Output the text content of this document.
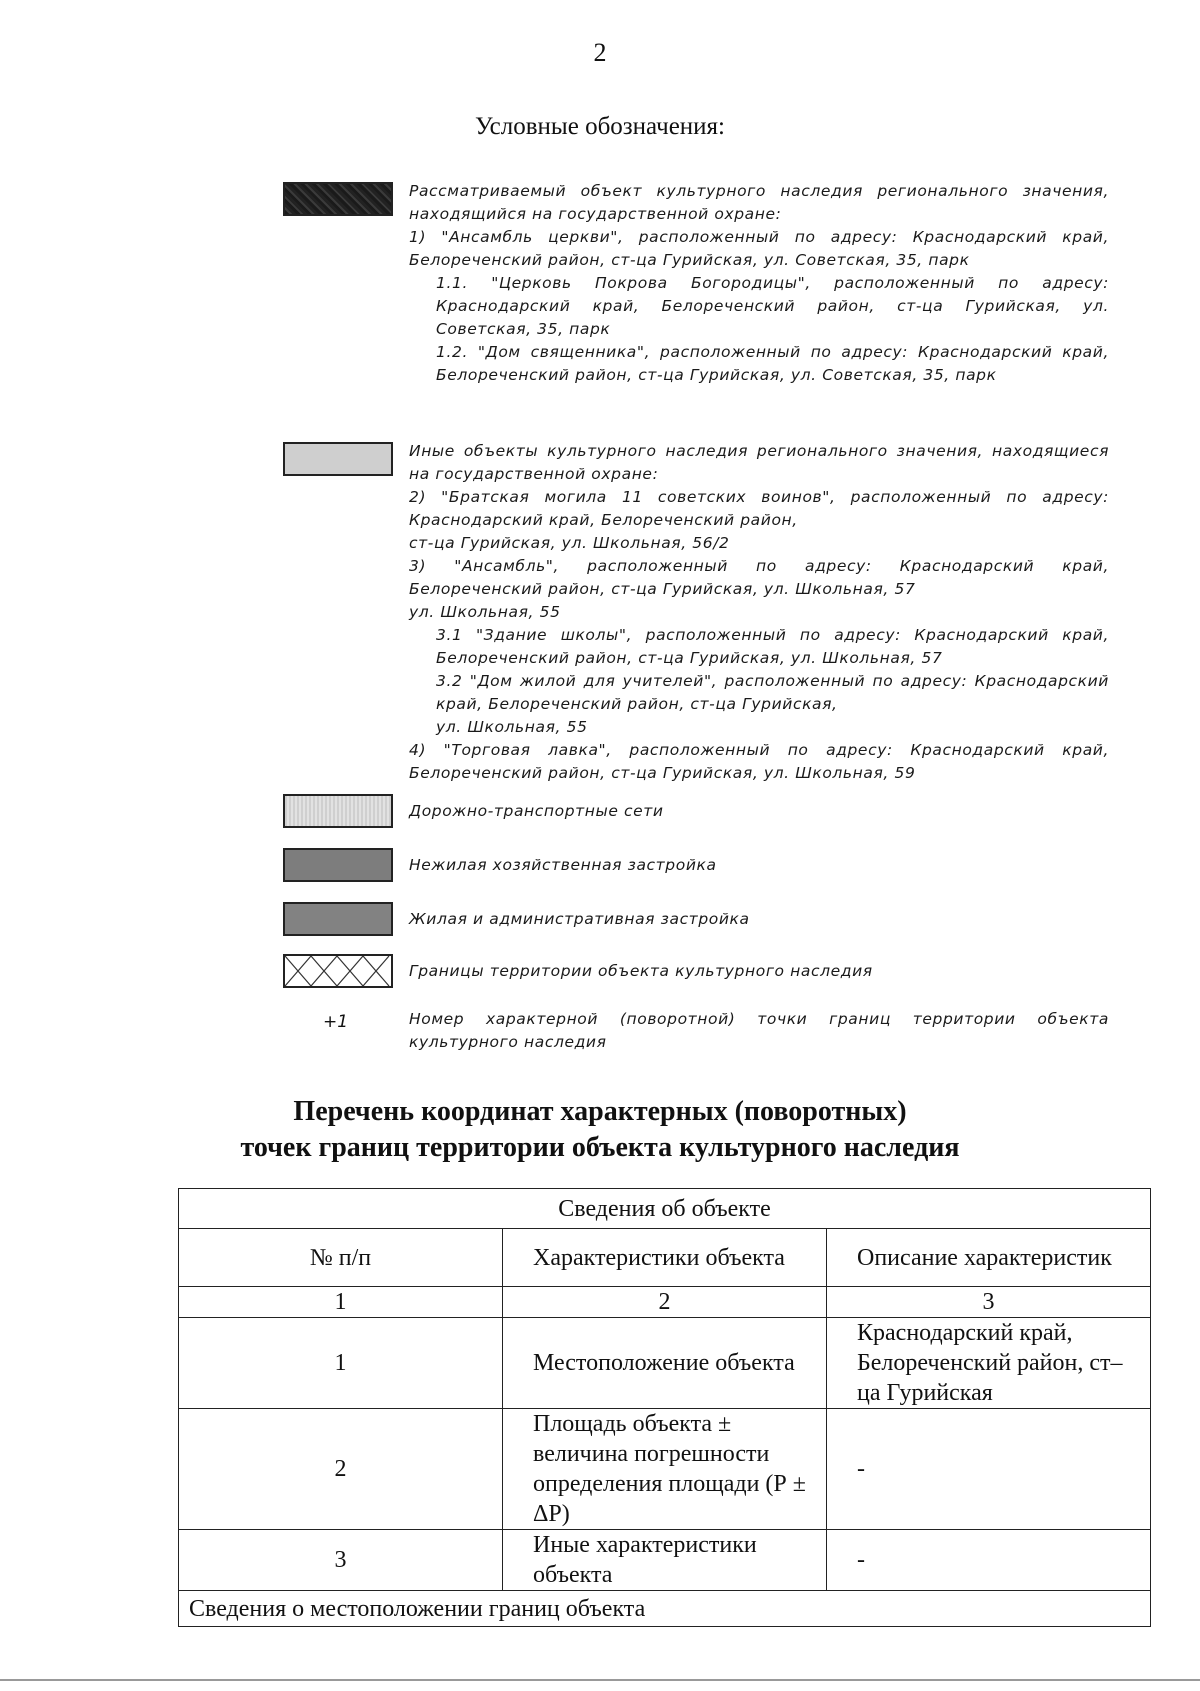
2
Условные обозначения:

Рассматриваемый объект культурного наследия регионального значения, находящийся на государственной охране:

1) "Ансамбль церкви", расположенный по адресу: Краснодарский край, Белореченский район, ст-ца Гурийская, ул. Советская, 35, парк

1.1. "Церковь Покрова Богородицы", расположенный по адресу: Краснодарский край, Белореченский район, ст-ца Гурийская, ул. Советская, 35, парк

1.2. "Дом священника", расположенный по адресу: Краснодарский край, Белореченский район, ст-ца Гурийская, ул. Советская, 35, парк

Иные объекты культурного наследия регионального значения, находящиеся на государственной охране:

2) "Братская могила 11 советских воинов", расположенный по адресу: Краснодарский край, Белореченский район,

ст-ца Гурийская, ул. Школьная, 56/2

3) "Ансамбль", расположенный по адресу: Краснодарский край, Белореченский район, ст-ца Гурийская, ул. Школьная, 57

ул. Школьная, 55

3.1 "Здание школы", расположенный по адресу: Краснодарский край, Белореченский район, ст-ца Гурийская, ул. Школьная, 57

3.2 "Дом жилой для учителей", расположенный по адресу: Краснодарский край, Белореченский район, ст-ца Гурийская,

ул. Школьная, 55

4) "Торговая лавка", расположенный по адресу: Краснодарский край, Белореченский район, ст-ца Гурийская, ул. Школьная, 59

Дорожно-транспортные сети
Нежилая хозяйственная застройка
Жилая и административная застройка
Границы территории объекта культурного наследия
+1	Номер характерной (поворотной) точки границ территории объекта культурного наследия
Перечень координат характерных (поворотных)
точек границ территории объекта культурного наследия
Сведения об объекте		
№ п/п	Характеристики объекта	Описание характеристик
1	2	3
1	Местоположение объекта	Краснодарский край, Белореченский район, ст–ца Гурийская
2	Площадь объекта ± величина погрешности определения площади (Р ± ΔР)	-
3	Иные характеристики объекта	-
Сведения о местоположении границ объекта		
